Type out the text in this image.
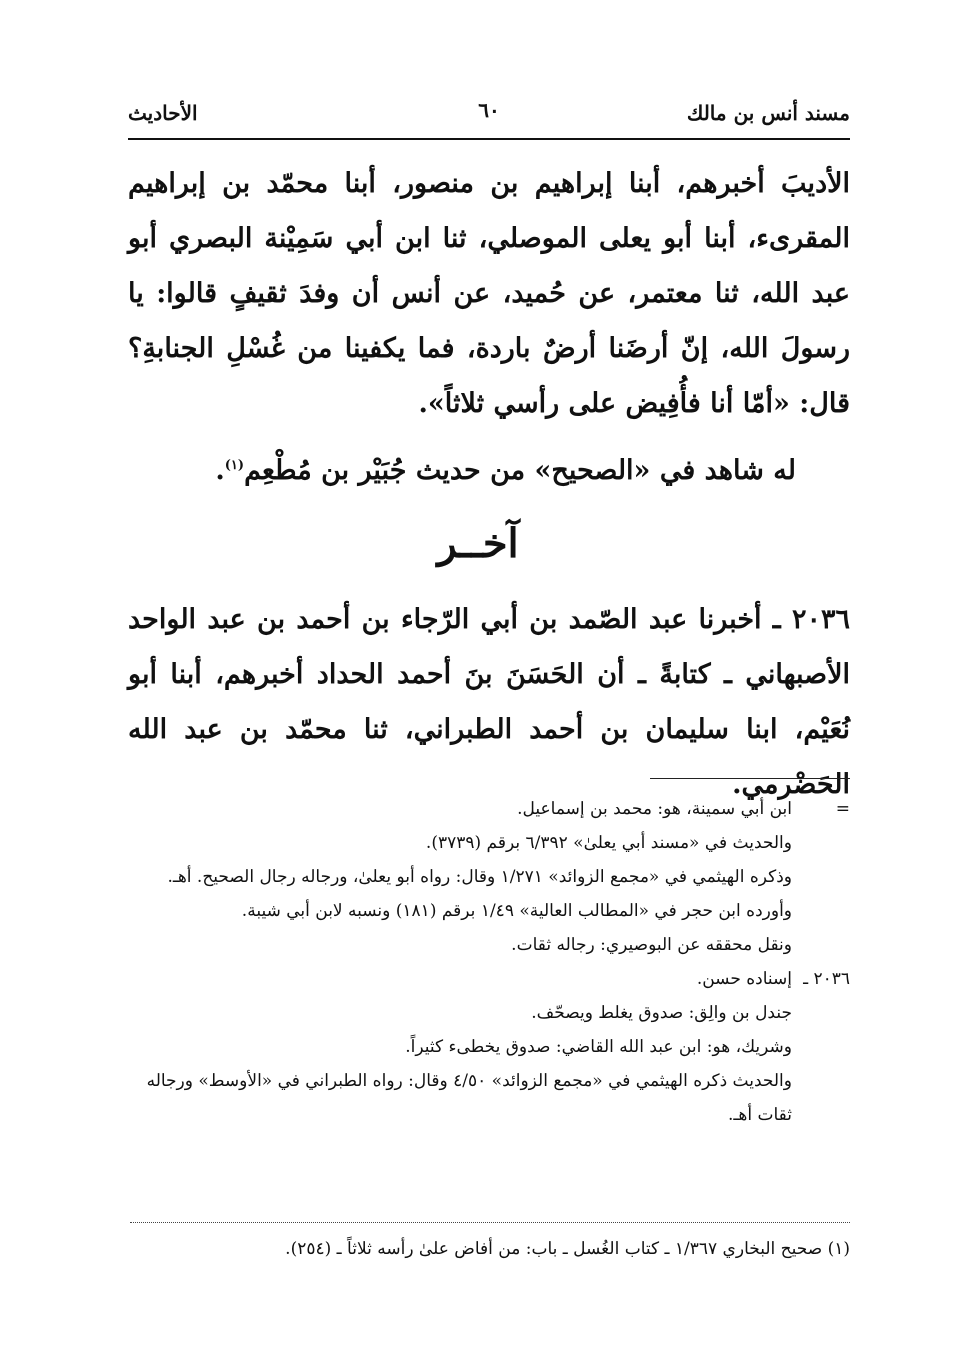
مسند أنس بن مالك
٦٠
الأحاديث

الأديبَ أخبرهم، أبنا إبراهيم بن منصور، أبنا محمّد بن إبراهيم المقرىء، أبنا أبو يعلى الموصلي، ثنا ابن أبي سَمِيْنة البصري أبو عبد الله، ثنا معتمر، عن حُميد، عن أنس أن وفدَ ثقيفٍ قالوا: يا رسولَ الله، إنّ أرضَنا أرضٌ باردة، فما يكفينا من غُسْلِ الجنابةِ؟ قال: «أمّا أنا فأُفِيض على رأسي ثلاثاً».

له شاهد في «الصحيح» من حديث جُبَيْر بن مُطْعِم$^{(١)}$.
آخــر

٢٠٣٦ ـ أخبرنا عبد الصّمد بن أبي الرّجاء بن أحمد بن عبد الواحد الأصبهاني ـ كتابةً ـ أن الحَسَنَ بنَ أحمد الحداد أخبرهم، أبنا أبو نُعَيْم، ابنا سليمان بن أحمد الطبراني، ثنا محمّد بن عبد الله الحَضْرمي.

=
ابن أبي سمينة، هو: محمد بن إسماعيل.
والحديث في «مسند أبي يعلىٰ» ٦/٣٩٢ برقم (٣٧٣٩).
وذكره الهيثمي في «مجمع الزوائد» ١/٢٧١ وقال: رواه أبو يعلىٰ، ورجاله رجال الصحيح. أهـ.
وأورده ابن حجر في «المطالب العالية» ١/٤٩ برقم (١٨١) ونسبه لابن أبي شيبة.
ونقل محققه عن البوصيري: رجاله ثقات.
٢٠٣٦ ـ
إسناده حسن.
جندل بن والِق: صدوق يغلط ويصحّف.
وشريك، هو: ابن عبد الله القاضي: صدوق يخطىء كثيراً.
والحديث ذكره الهيثمي في «مجمع الزوائد» ٤/٥٠ وقال: رواه الطبراني في «الأوسط» ورجاله ثقات أهـ.
(١) صحيح البخاري ١/٣٦٧ ـ كتاب الغُسل ـ باب: من أفاض علىٰ رأسه ثلاثاً ـ (٢٥٤).
